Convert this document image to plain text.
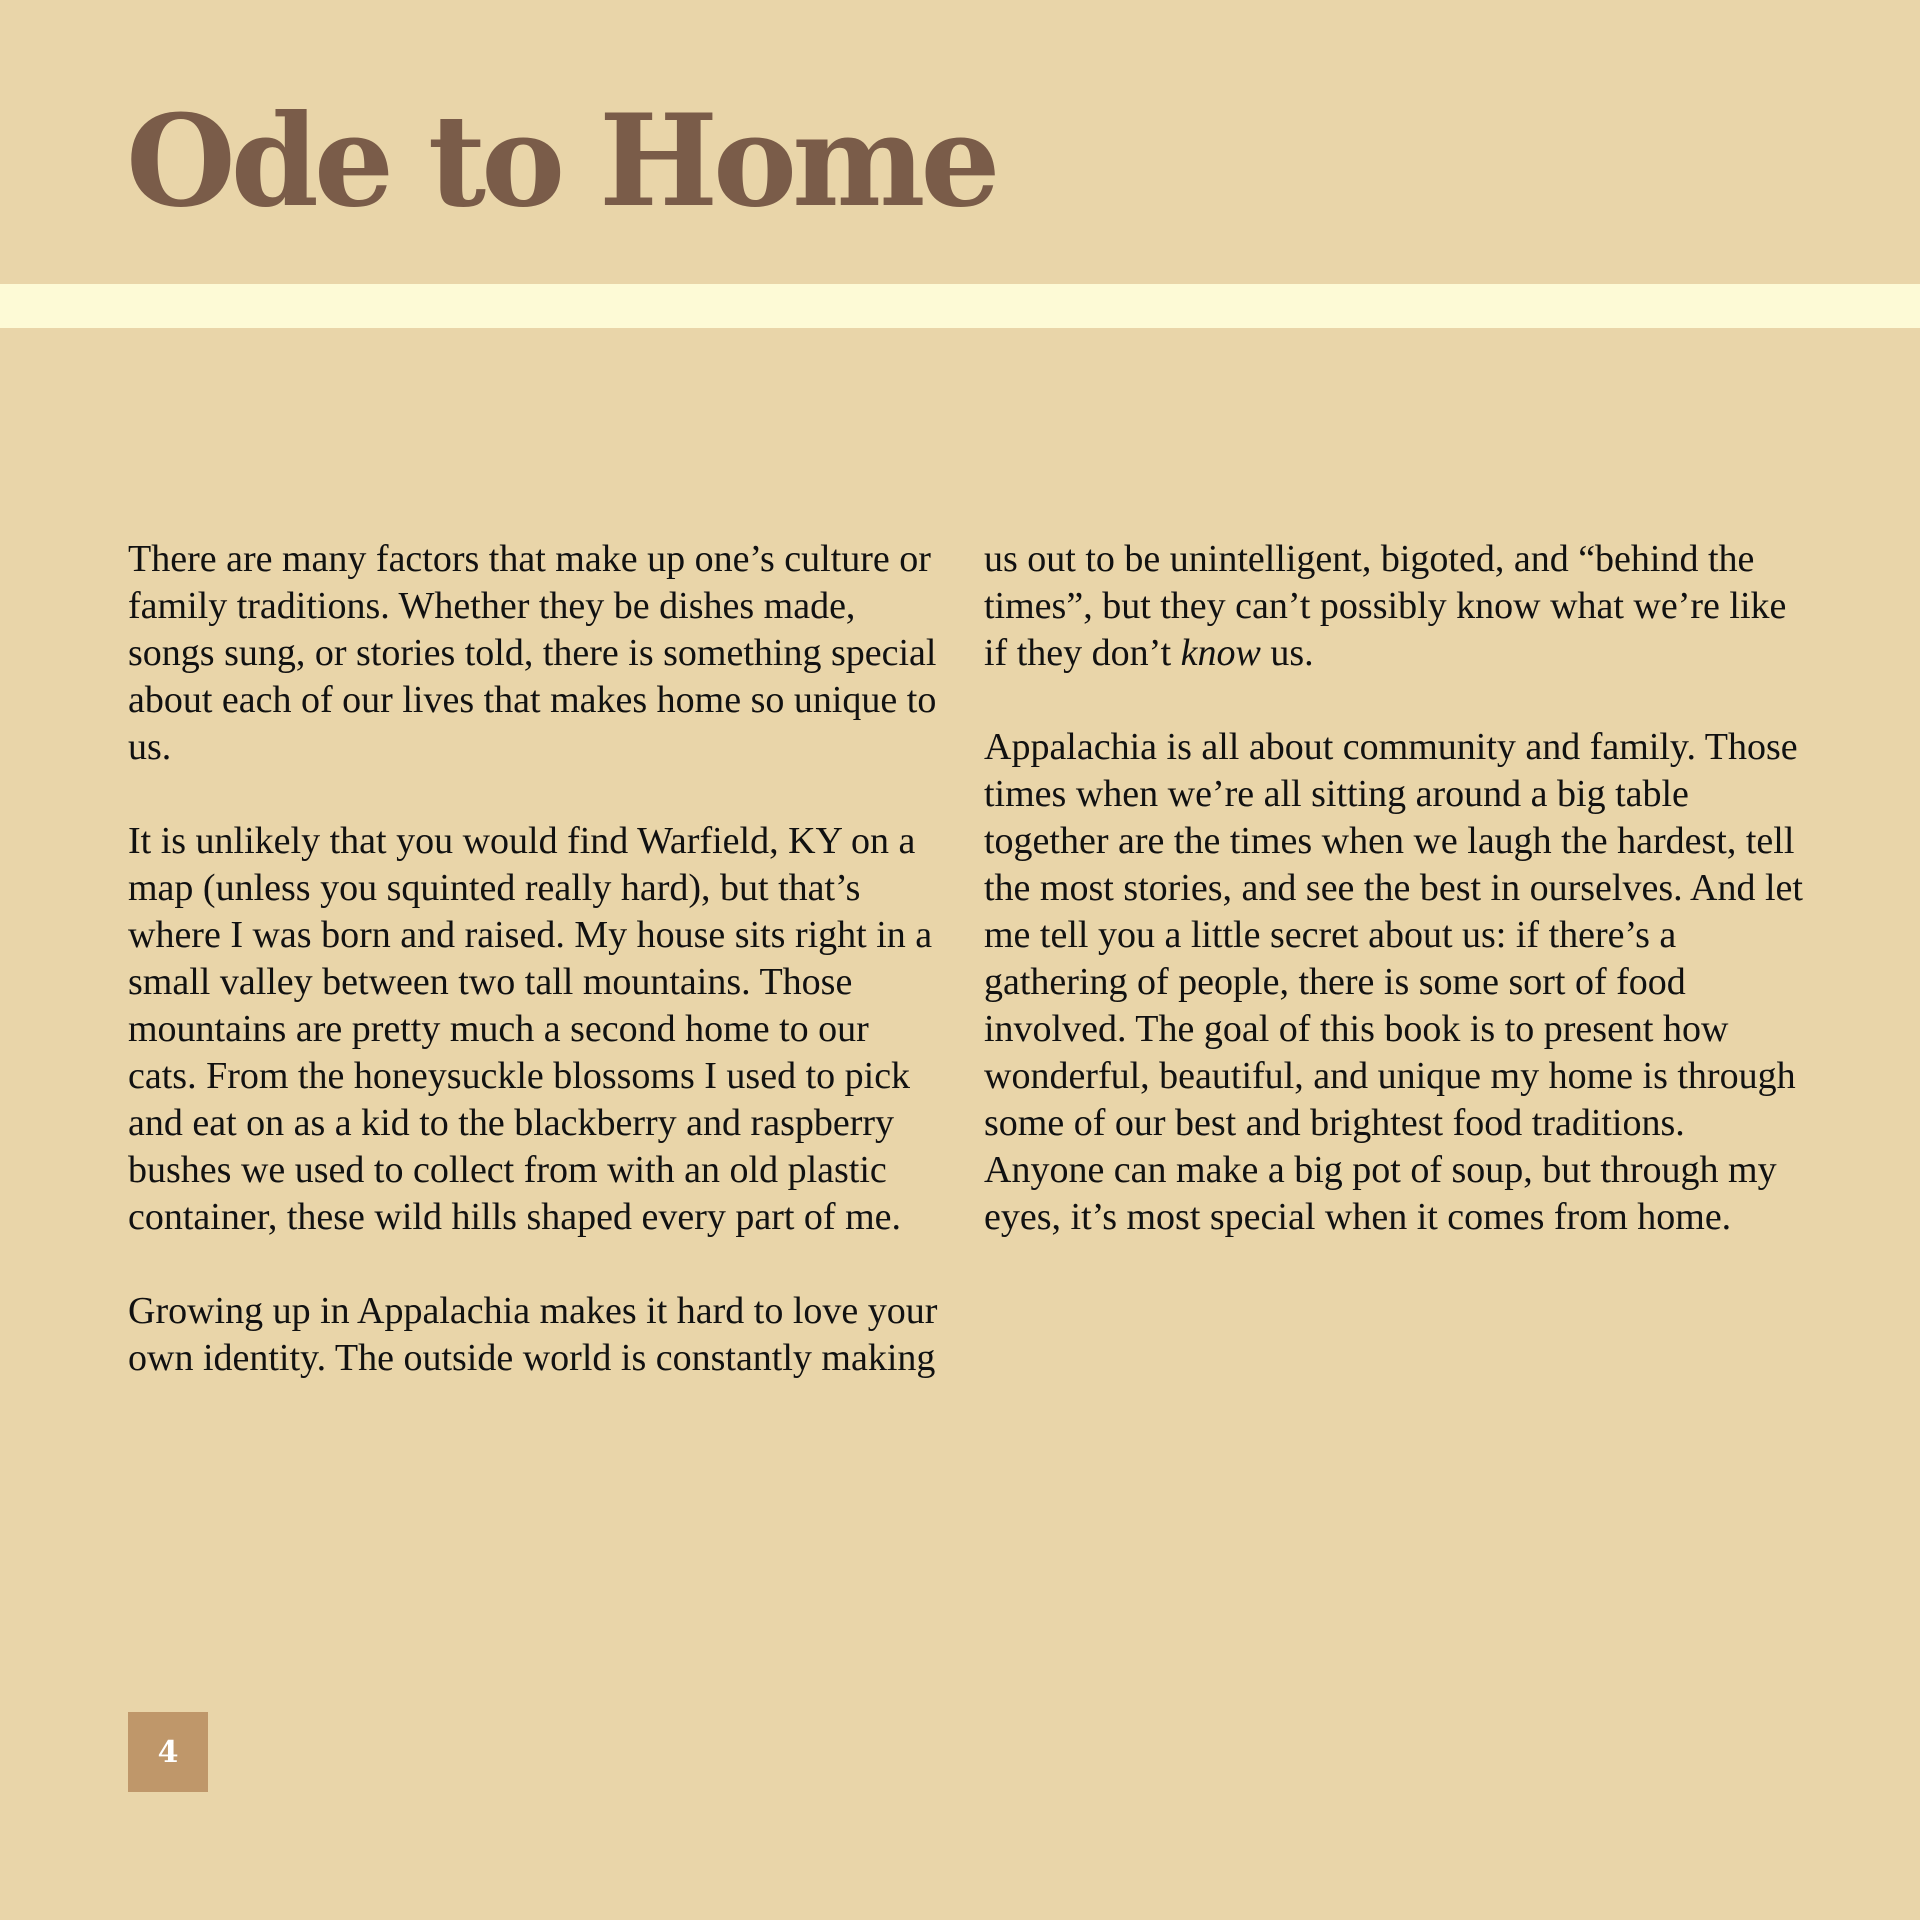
Ode to Home

There are many factors that make up one’s culture or family traditions. Whether they be dishes made, songs sung, or stories told, there is something special about each of our lives that makes home so unique to us.

It is unlikely that you would find Warfield, KY on a map (unless you squinted really hard), but that’s where I was born and raised. My house sits right in a small valley between two tall mountains. Those mountains are pretty much a second home to our cats. From the honeysuckle blossoms I used to pick and eat on as a kid to the blackberry and raspberry bushes we used to collect from with an old plastic container, these wild hills shaped every part of me.

Growing up in Appalachia makes it hard to love your own identity. The outside world is constantly making

us out to be unintelligent, bigoted, and “behind the times”, but they can’t possibly know what we’re like if they don’t know us.

Appalachia is all about community and family. Those times when we’re all sitting around a big table together are the times when we laugh the hardest, tell the most stories, and see the best in ourselves. And let me tell you a little secret about us: if there’s a gathering of people, there is some sort of food involved. The goal of this book is to present how wonderful, beautiful, and unique my home is through some of our best and brightest food traditions. Anyone can make a big pot of soup, but through my eyes, it’s most special when it comes from home.

4
